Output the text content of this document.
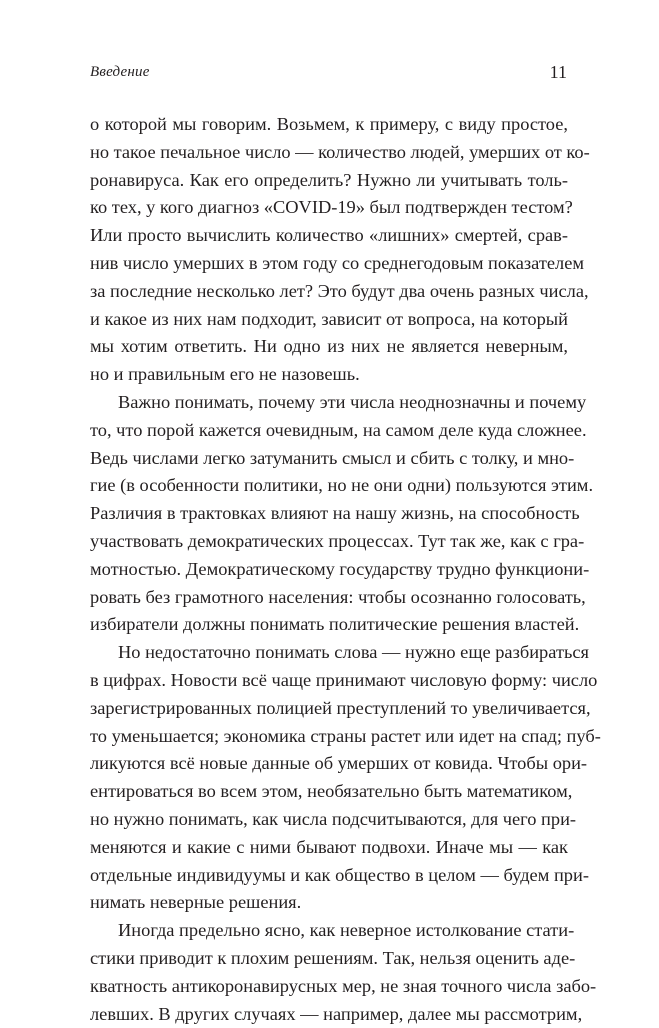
Введение	11
о которой мы говорим. Возьмем, к примеру, с виду простое,
но такое печальное число — количество людей, умерших от ко-
ронавируса. Как его определить? Нужно ли учитывать толь-
ко тех, у кого диагноз «COVID-19» был подтвержден тестом?
Или просто вычислить количество «лишних» смертей, срав-
нив число умерших в этом году со среднегодовым показателем
за последние несколько лет? Это будут два очень разных числа,
и какое из них нам подходит, зависит от вопроса, на который
мы хотим ответить. Ни одно из них не является неверным,
но и правильным его не назовешь.
Важно понимать, почему эти числа неоднозначны и почему
то, что порой кажется очевидным, на самом деле куда сложнее.
Ведь числами легко затуманить смысл и сбить с толку, и мно-
гие (в особенности политики, но не они одни) пользуются этим.
Различия в трактовках влияют на нашу жизнь, на способность
участвовать демократических процессах. Тут так же, как с гра-
мотностью. Демократическому государству трудно функциони-
ровать без грамотного населения: чтобы осознанно голосовать,
избиратели должны понимать политические решения властей.
Но недостаточно понимать слова — нужно еще разбираться
в цифрах. Новости всё чаще принимают числовую форму: число
зарегистрированных полицией преступлений то увеличивается,
то уменьшается; экономика страны растет или идет на спад; пуб-
ликуются всё новые данные об умерших от ковида. Чтобы ори-
ентироваться во всем этом, необязательно быть математиком,
но нужно понимать, как числа подсчитываются, для чего при-
меняются и какие с ними бывают подвохи. Иначе мы — как
отдельные индивидуумы и как общество в целом — будем при-
нимать неверные решения.
Иногда предельно ясно, как неверное истолкование стати-
стики приводит к плохим решениям. Так, нельзя оценить аде-
кватность антикоронавирусных мер, не зная точного числа забо-
левших. В других случаях — например, далее мы рассмотрим,
